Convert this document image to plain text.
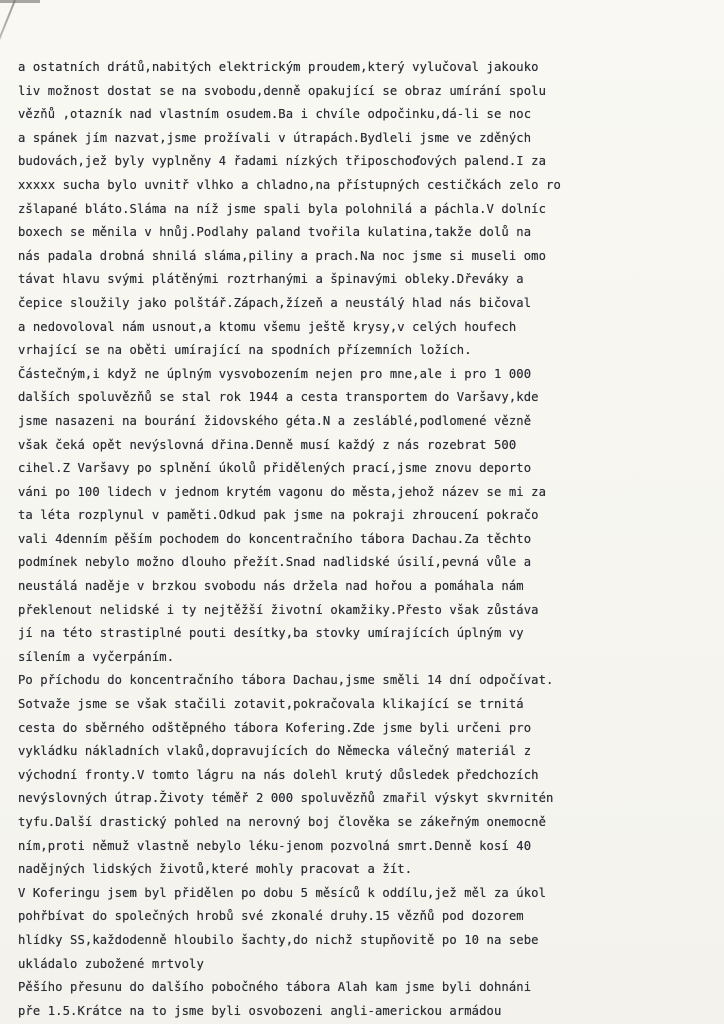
a ostatních drátů,nabitých elektrickým proudem,který vylučoval jakouko
liv možnost dostat se na svobodu,denně opakující se obraz umírání spolu
vězňů ,otazník nad vlastním osudem.Ba i chvíle odpočinku,dá-li se noc
a spánek jím nazvat,jsme prožívali v útrapách.Bydleli jsme ve zděných
budovách,jež byly vyplněny 4 řadami nízkých třiposchoďových palend.I za
xxxxx sucha bylo uvnitř vlhko a chladno,na přístupných cestičkách zelo ro
zšlapané bláto.Sláma na níž jsme spali byla polohnilá a páchla.V dolníc
boxech se měnila v hnůj.Podlahy paland tvořila kulatina,takže dolů na
nás padala drobná shnilá sláma,piliny a prach.Na noc jsme si museli omo
távat hlavu svými plátěnými roztrhanými a špinavými obleky.Dřeváky a
čepice sloužily jako polštář.Zápach,žízeň a neustálý hlad nás bičoval
a nedovoloval nám usnout,a ktomu všemu ještě krysy,v celých houfech
vrhající se na oběti umírající na spodních přízemních ložích.
Částečným,i když ne úplným vysvobozením nejen pro mne,ale i pro 1 000
dalších spoluvězňů se stal rok 1944 a cesta transportem do Varšavy,kde
jsme nasazeni na bourání židovského géta.N a zesláblé,podlomené vězně
však čeká opět nevýslovná dřina.Denně musí každý z nás rozebrat 500
cihel.Z Varšavy po splnění úkolů přidělených prací,jsme znovu deporto
váni po 100 lidech v jednom krytém vagonu do města,jehož název se mi za
ta léta rozplynul v paměti.Odkud pak jsme na pokraji zhroucení pokračo
vali 4denním pěším pochodem do koncentračního tábora Dachau.Za těchto
podmínek nebylo možno dlouho přežít.Snad nadlidské úsilí,pevná vůle a
neustálá naděje v brzkou svobodu nás držela nad hořou a pomáhala nám
překlenout nelidské i ty nejtěžší životní okamžiky.Přesto však zůstáva
jí na této strastiplné pouti desítky,ba stovky umírajících úplným vy
sílením a vyčerpáním.
Po příchodu do koncentračního tábora Dachau,jsme směli 14 dní odpočívat.
Sotvaže jsme se však stačili zotavit,pokračovala klikající se trnitá
cesta do sběrného odštěpného tábora Kofering.Zde jsme byli určeni pro
vykládku nákladních vlaků,dopravujících do Německa válečný materiál z
východní fronty.V tomto lágru na nás dolehl krutý důsledek předchozích
nevýslovných útrap.Životy téměř 2 000 spoluvězňů zmařil výskyt skvrnitén
tyfu.Další drastický pohled na nerovný boj člověka se zákeřným onemocně
ním,proti němuž vlastně nebylo léku-jenom pozvolná smrt.Denně kosí 40
nadějných lidských životů,které mohly pracovat a žít.
V Koferingu jsem byl přidělen po dobu 5 měsíců k oddílu,jež měl za úkol
pohřbívat do společných hrobů své zkonalé druhy.15 vězňů pod dozorem
hlídky SS,každodenně hloubilo šachty,do nichž stupňovitě po 10 na sebe
ukládalo zubožené mrtvoly
Pěšího přesunu do dalšího pobočného tábora Alah kam jsme byli dohnáni
pře 1.5.Krátce na to jsme byli osvobozeni angli-americkou armádou
